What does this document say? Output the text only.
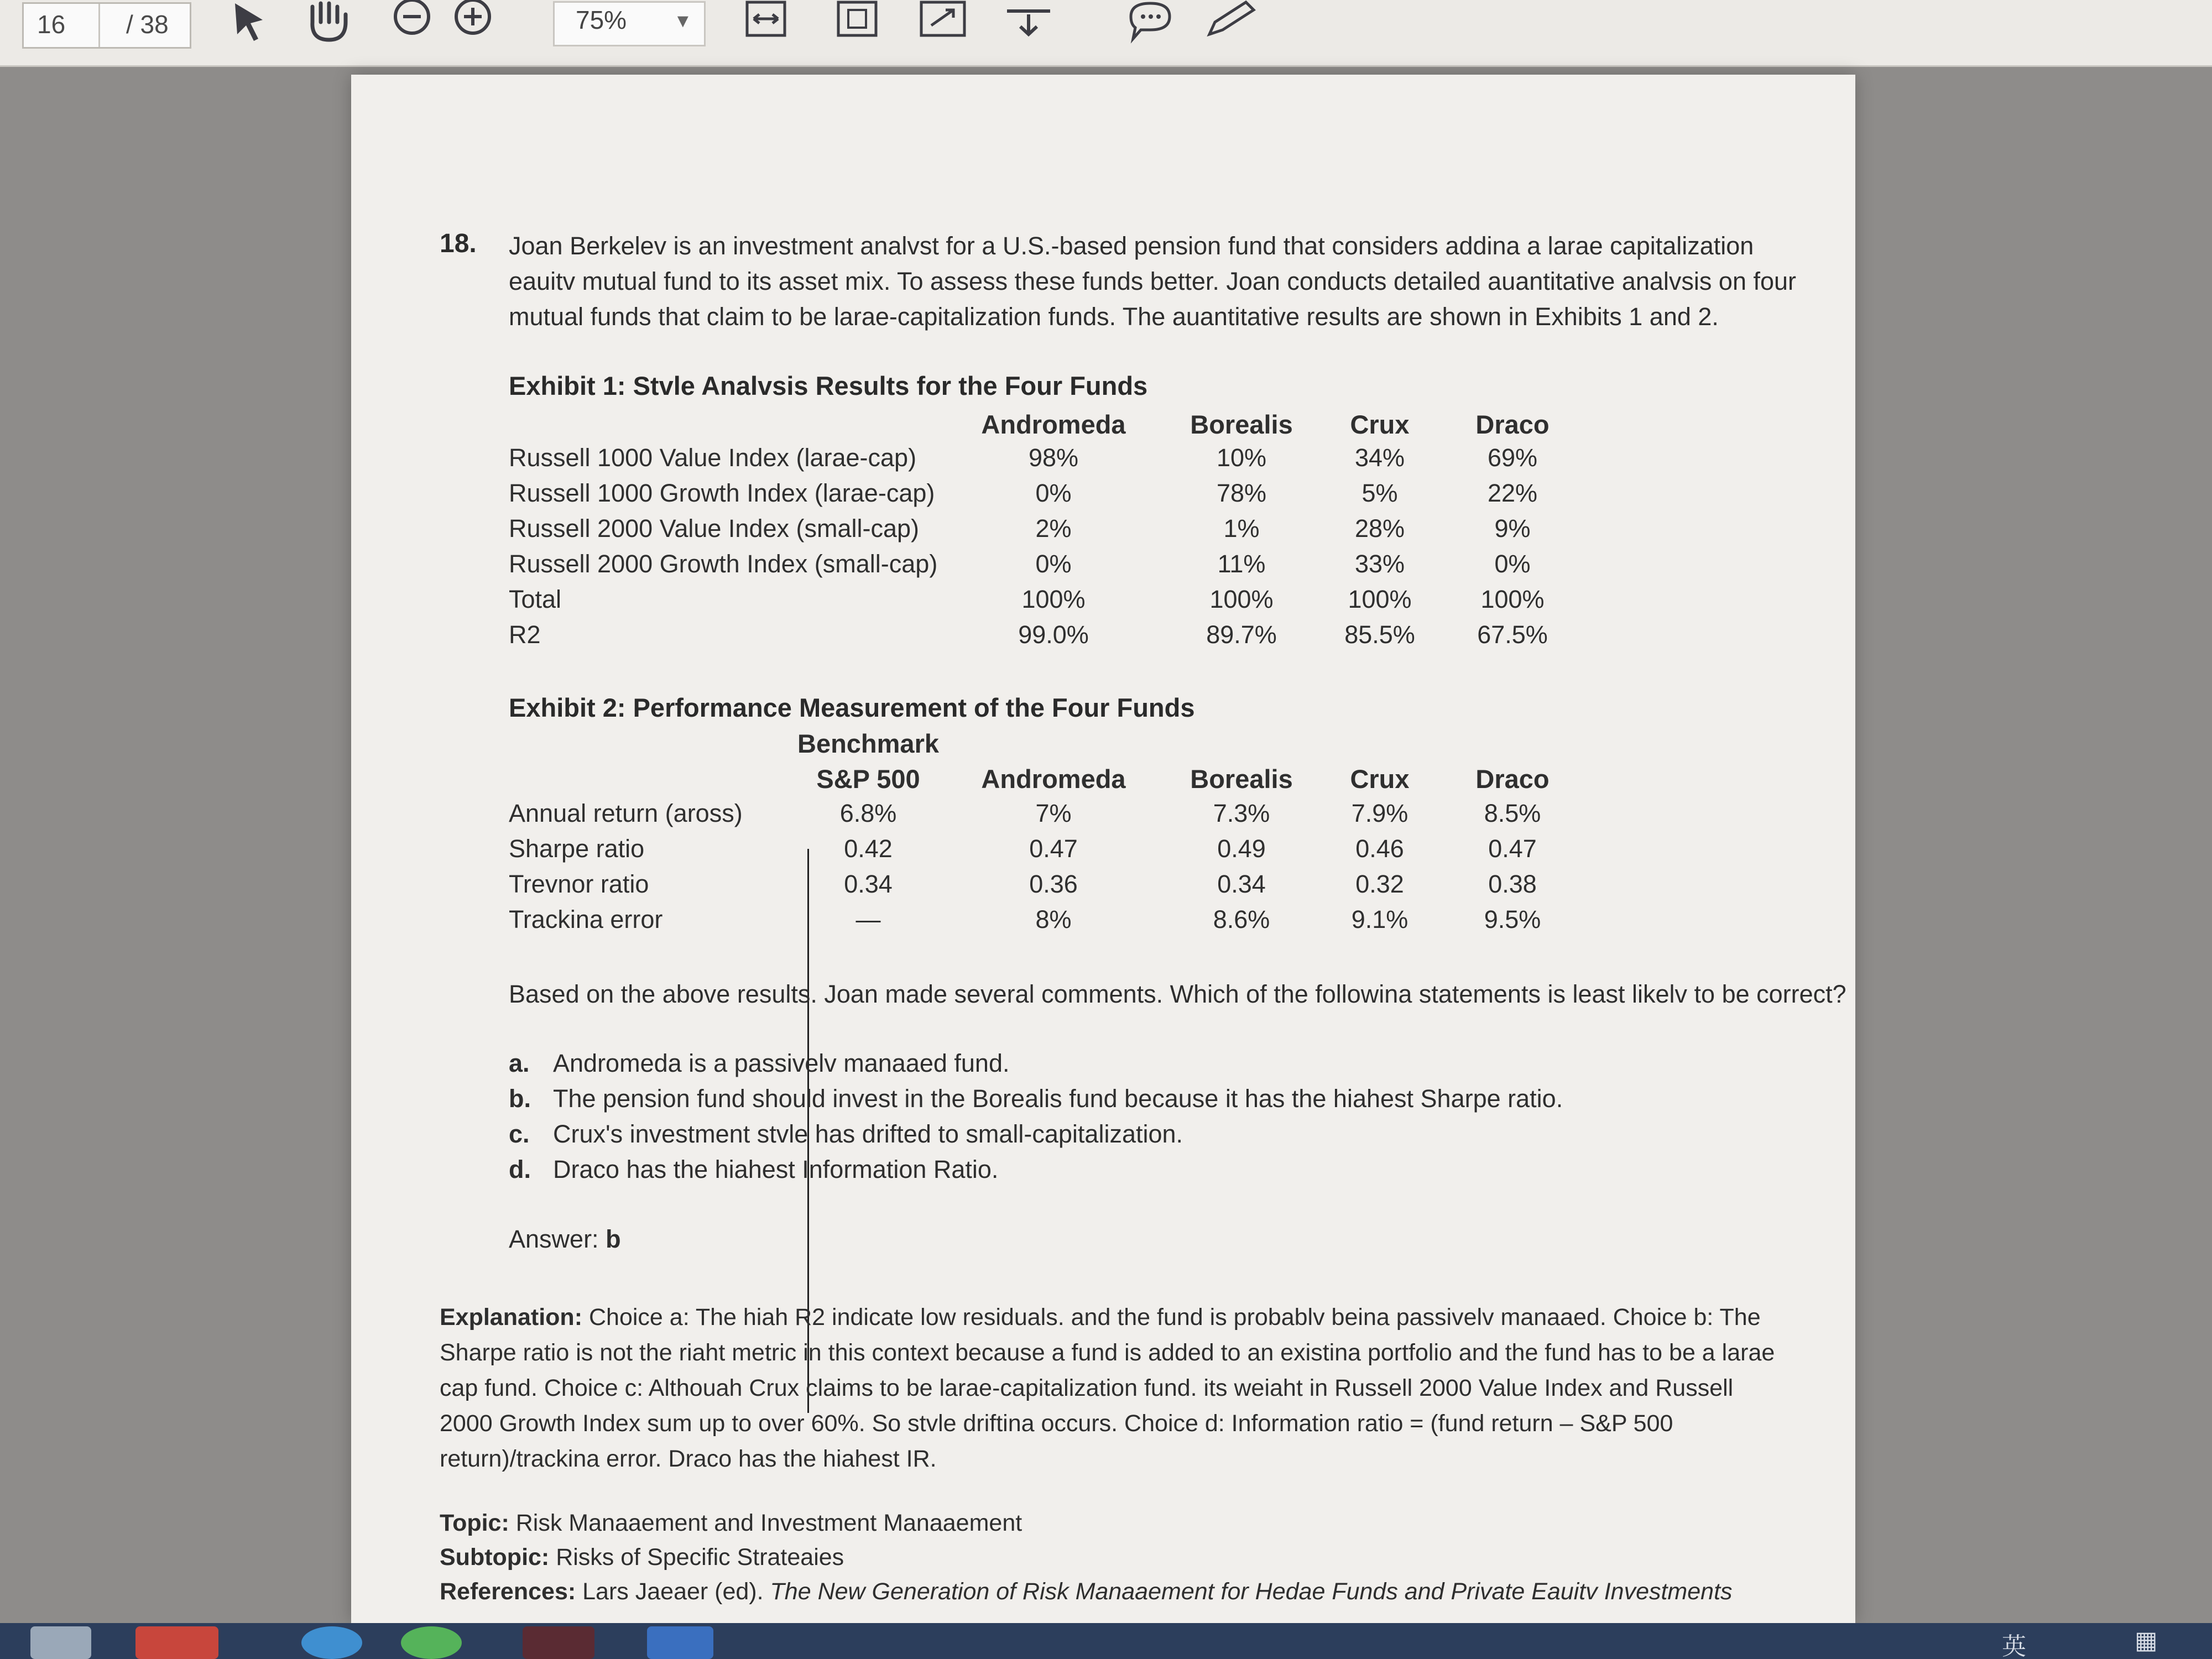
16 / 38	75% ▼
18. Joan Berkelev is an investment analvst for a U.S.-based pension fund that considers addina a larae capitalization eauitv mutual fund to its asset mix. To assess these funds better. Joan conducts detailed auantitative analvsis on four mutual funds that claim to be larae-capitalization funds. The auantitative results are shown in Exhibits 1 and 2.
Exhibit 1: Stvle Analvsis Results for the Four Funds
Andromeda Borealis Crux	Draco
Russell 1000 Value Index (larae-cap)	98%	10%	34%	69%
Russell 1000 Growth Index (larae-cap)	0%	78%	5%	22%
Russell 2000 Value Index (small-cap)	2%	1%	28%	9%
Russell 2000 Growth Index (small-cap)	0%	11%	33%	0%
Total	100%	100%	100%	100%
R2	99.0%	89.7%	85.5% 67.5%
Exhibit 2: Performance Measurement of the Four Funds
Benchmark
S&P 500 Andromeda Borealis Crux	Draco
Annual return (aross)	6.8%	7%	7.3%	7.9%	8.5%
Sharpe ratio	0.42	0.47	0.49	0.46	0.47
Trevnor ratio	0.34	0.36	0.34	0.32	0.38
Trackina error	—	8%	8.6%	9.1%	9.5%
Based on the above results. Joan made several comments. Which of the followina statements is least likelv to be correct?
a. Andromeda is a passivelv manaaed fund.
b. The pension fund should invest in the Borealis fund because it has the hiahest Sharpe ratio.
c. Crux's investment stvle has drifted to small-capitalization.
d. Draco has the hiahest Information Ratio.
Answer: b
Explanation: Choice a: The hiah R2 indicate low residuals. and the fund is probablv beina passivelv manaaed. Choice b: The Sharpe ratio is not the riaht metric in this context because a fund is added to an existina portfolio and the fund has to be a larae cap fund. Choice c: Althouah Crux claims to be larae-capitalization fund. its weiaht in Russell 2000 Value Index and Russell 2000 Growth Index sum up to over 60%. So stvle driftina occurs. Choice d: Information ratio = (fund return – S&P 500 return)/trackina error. Draco has the hiahest IR.
Topic: Risk Manaaement and Investment Manaaement
Subtopic: Risks of Specific Strateaies
References: Lars Jaeaer (ed). The New Generation of Risk Manaaement for Hedae Funds and Private Eauitv Investments
英	▦
